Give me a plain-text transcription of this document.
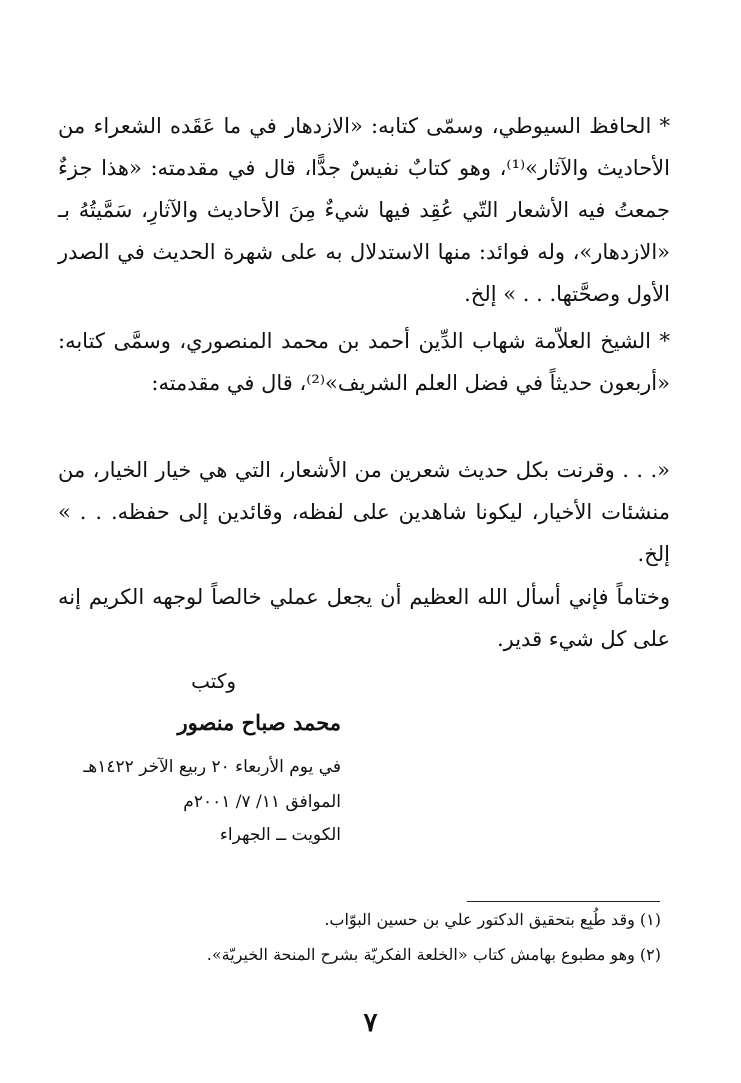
* الحافظ السيوطي، وسمّى كتابه: «الازدهار في ما عَقَده الشعراء من الأحاديث والآثار»⁽¹⁾، وهو كتابٌ نفيسٌ جدًّا، قال في مقدمته: «هذا جزءٌ جمعتُ فيه الأشعار التّي عُقِد فيها شيءٌ مِنَ الأحاديث والآثارِ، سَمَّيتُهُ بـ «الازدهار»، وله فوائد: منها الاستدلال به على شهرة الحديث في الصدر الأول وصحَّتها. . . » إلخ.

* الشيخ العلاّمة شهاب الدِّين أحمد بن محمد المنصوري، وسمَّى كتابه: «أربعون حديثاً في فضل العلم الشريف»⁽²⁾، قال في مقدمته:

«. . . وقرنت بكل حديث شعرين من الأشعار، التي هي خيار الخيار، من منشئات الأخيار، ليكونا شاهدين على لفظه، وقائدين إلى حفظه. . . » إلخ.

وختاماً فإني أسأل الله العظيم أن يجعل عملي خالصاً لوجهه الكريم إنه على كل شيء قدير.

وكتب
محمد صباح منصور
في يوم الأربعاء ٢٠ ربيع الآخر ١٤٢٢هـ
الموافق ١١/ ٧/ ٢٠٠١م
الكويت ــ الجهراء
(١) وقد طُبِع بتحقيق الدكتور علي بن حسين البوّاب.
(٢) وهو مطبوع بهامش كتاب «الخلعة الفكريّة بشرح المنحة الخيريّة».
٧
